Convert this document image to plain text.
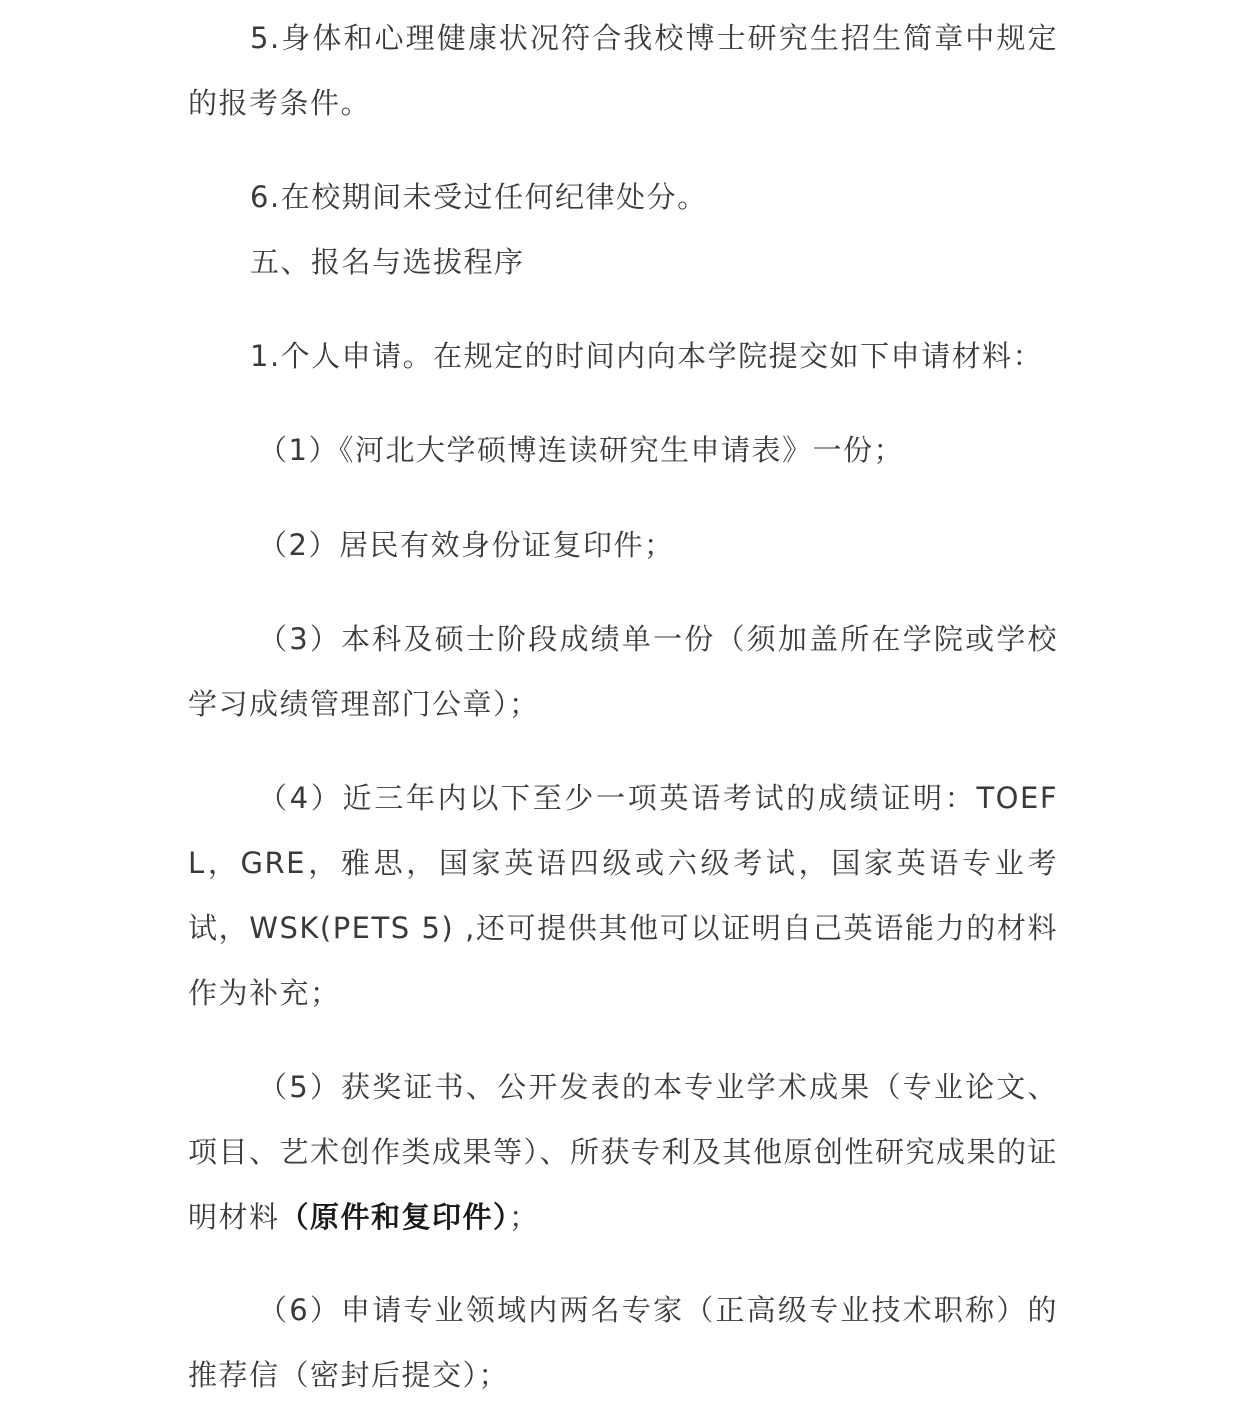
5.身体和心理健康状况符合我校博士研究生招生简章中规定的报考条件。

6.在校期间未受过任何纪律处分。

五、报名与选拔程序

1.个人申请。在规定的时间内向本学院提交如下申请材料：

（1）《河北大学硕博连读研究生申请表》一份；

（2）居民有效身份证复印件；

（3）本科及硕士阶段成绩单一份（须加盖所在学院或学校学习成绩管理部门公章）；

（4）近三年内以下至少一项英语考试的成绩证明：TOEFL，GRE，雅思，国家英语四级或六级考试，国家英语专业考试，WSK(PETS 5) ,还可提供其他可以证明自己英语能力的材料作为补充；

（5）获奖证书、公开发表的本专业学术成果（专业论文、项目、艺术创作类成果等）、所获专利及其他原创性研究成果的证明材料（原件和复印件）；

（6）申请专业领域内两名专家（正高级专业技术职称）的推荐信（密封后提交）；
